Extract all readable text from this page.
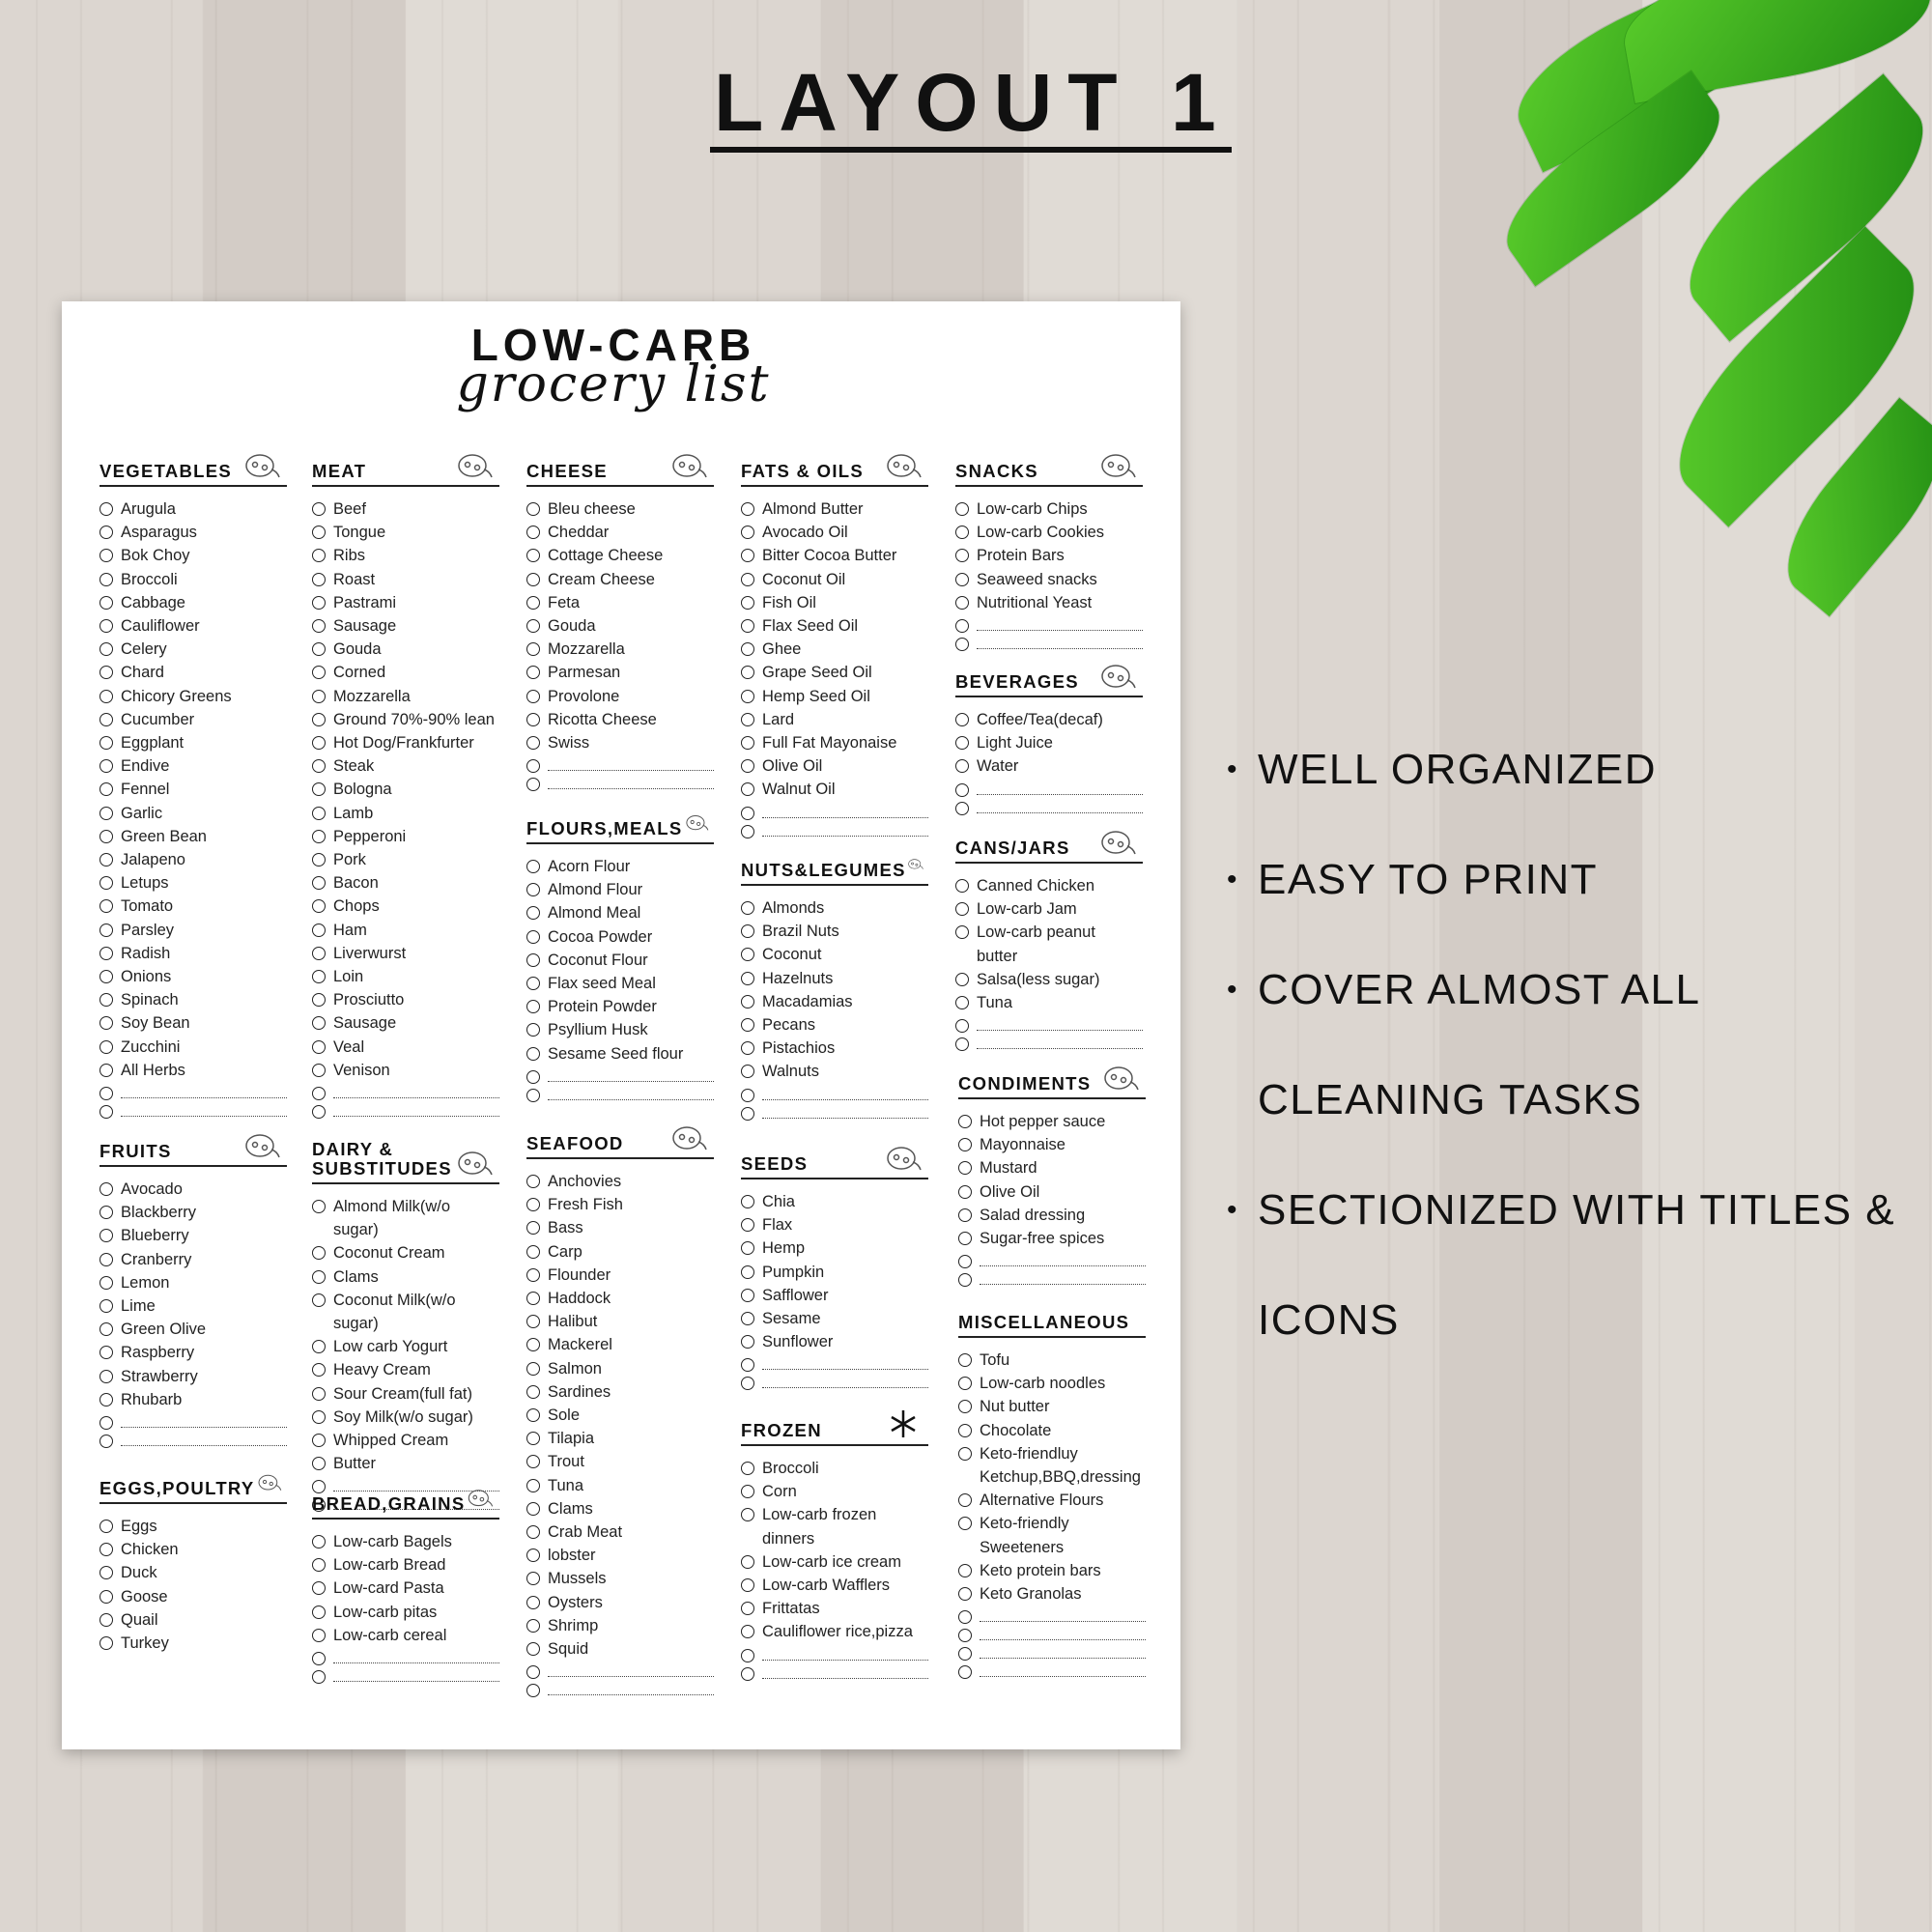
LAYOUT 1
LOW-CARB
grocery list
VEGETABLES
Arugula
Asparagus
Bok Choy
Broccoli
Cabbage
Cauliflower
Celery
Chard
Chicory Greens
Cucumber
Eggplant
Endive
Fennel
Garlic
Green Bean
Jalapeno
Letups
Tomato
Parsley
Radish
Onions
Spinach
Soy Bean
Zucchini
All Herbs
FRUITS
Avocado
Blackberry
Blueberry
Cranberry
Lemon
Lime
Green Olive
Raspberry
Strawberry
Rhubarb
EGGS,POULTRY
Eggs
Chicken
Duck
Goose
Quail
Turkey
MEAT
Beef
Tongue
Ribs
Roast
Pastrami
Sausage
Gouda
Corned
Mozzarella
Ground 70%-90% lean
Hot Dog/Frankfurter
Steak
Bologna
Lamb
Pepperoni
Pork
Bacon
Chops
Ham
Liverwurst
Loin
Prosciutto
Sausage
Veal
Venison
DAIRY &
SUBSTITUDES
Almond Milk(w/o sugar)
Coconut Cream
Clams
Coconut Milk(w/o sugar)
Low carb Yogurt
Heavy Cream
Sour Cream(full fat)
Soy Milk(w/o sugar)
Whipped Cream
Butter
BREAD,GRAINS
Low-carb Bagels
Low-carb Bread
Low-card Pasta
Low-carb pitas
Low-carb cereal
CHEESE
Bleu cheese
Cheddar
Cottage Cheese
Cream Cheese
Feta
Gouda
Mozzarella
Parmesan
Provolone
Ricotta Cheese
Swiss
FLOURS,MEALS
Acorn Flour
Almond Flour
Almond Meal
Cocoa Powder
Coconut Flour
Flax seed Meal
Protein Powder
Psyllium Husk
Sesame Seed flour
SEAFOOD
Anchovies
Fresh Fish
Bass
Carp
Flounder
Haddock
Halibut
Mackerel
Salmon
Sardines
Sole
Tilapia
Trout
Tuna
Clams
Crab Meat
lobster
Mussels
Oysters
Shrimp
Squid
FATS & OILS
Almond Butter
Avocado Oil
Bitter Cocoa Butter
Coconut Oil
Fish Oil
Flax Seed Oil
Ghee
Grape Seed Oil
Hemp Seed Oil
Lard
Full Fat Mayonaise
Olive Oil
Walnut Oil
NUTS&LEGUMES
Almonds
Brazil Nuts
Coconut
Hazelnuts
Macadamias
Pecans
Pistachios
Walnuts
SEEDS
Chia
Flax
Hemp
Pumpkin
Safflower
Sesame
Sunflower
FROZEN
Broccoli
Corn
Low-carb frozen
dinners
Low-carb ice cream
Low-carb Wafflers
Frittatas
Cauliflower rice,pizza
SNACKS
Low-carb Chips
Low-carb Cookies
Protein Bars
Seaweed snacks
Nutritional Yeast
BEVERAGES
Coffee/Tea(decaf)
Light Juice
Water
CANS/JARS
Canned Chicken
Low-carb Jam
Low-carb peanut
butter
Salsa(less sugar)
Tuna
CONDIMENTS
Hot pepper sauce
Mayonnaise
Mustard
Olive Oil
Salad dressing
Sugar-free spices
MISCELLANEOUS
Tofu
Low-carb noodles
Nut butter
Chocolate
Keto-friendluy
Ketchup,BBQ,dressing
Alternative Flours
Keto-friendly
Sweeteners
Keto protein bars
Keto Granolas
• WELL ORGANIZED
• EASY TO PRINT
• COVER ALMOST ALL
CLEANING TASKS
• SECTIONIZED WITH TITLES &
ICONS
